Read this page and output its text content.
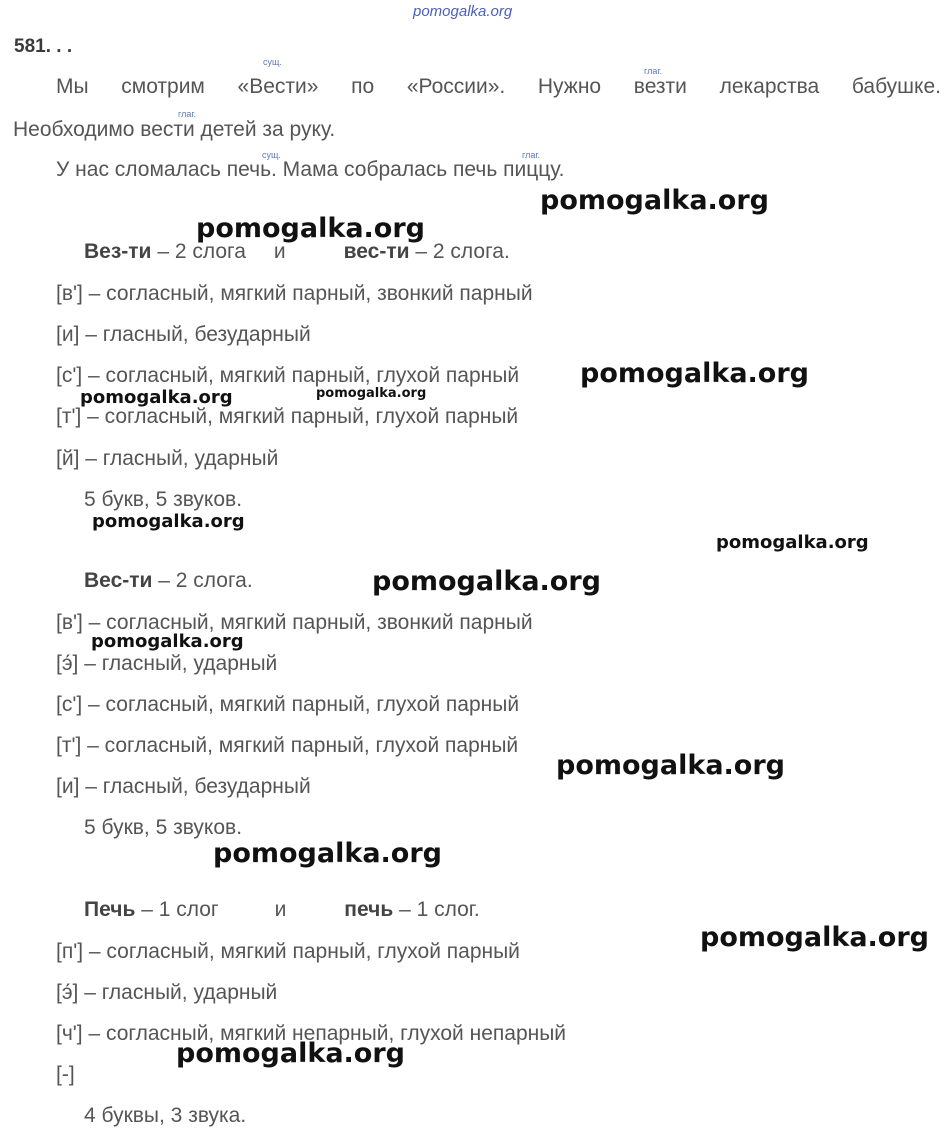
pomogalka.org
581. . .
сущ.
глаг.
глаг.
сущ.	глаг.
Мы смотрим «Вести» по «России». Нужно везти лекарства бабушке.
Необходимо вести детей за руку.
У нас сломалась печь. Мама собралась печь пиццу.
Вез-ти – 2 слога и	вес-ти – 2 слога.
[в'] – согласный, мягкий парный, звонкий парный
[и] – гласный, безударный
[с'] – согласный, мягкий парный, глухой парный
[т'] – согласный, мягкий парный, глухой парный
[й] – гласный, ударный
5 букв, 5 звуков.
Вес-ти – 2 слога.
[в'] – согласный, мягкий парный, звонкий парный
[э́] – гласный, ударный
[с'] – согласный, мягкий парный, глухой парный
[т'] – согласный, мягкий парный, глухой парный
[и] – гласный, безударный
5 букв, 5 звуков.
Печь – 1 слог	и	печь – 1 слог.
[п'] – согласный, мягкий парный, глухой парный
[э́] – гласный, ударный
[ч'] – согласный, мягкий непарный, глухой непарный
[-]
4 буквы, 3 звука.
pomogalka.org
pomogalka.org
pomogalka.org
pomogalka.org	pomogalka.org
pomogalka.org
pomogalka.org
pomogalka.org
pomogalka.org
pomogalka.org
pomogalka.org
pomogalka.org
pomogalka.org
